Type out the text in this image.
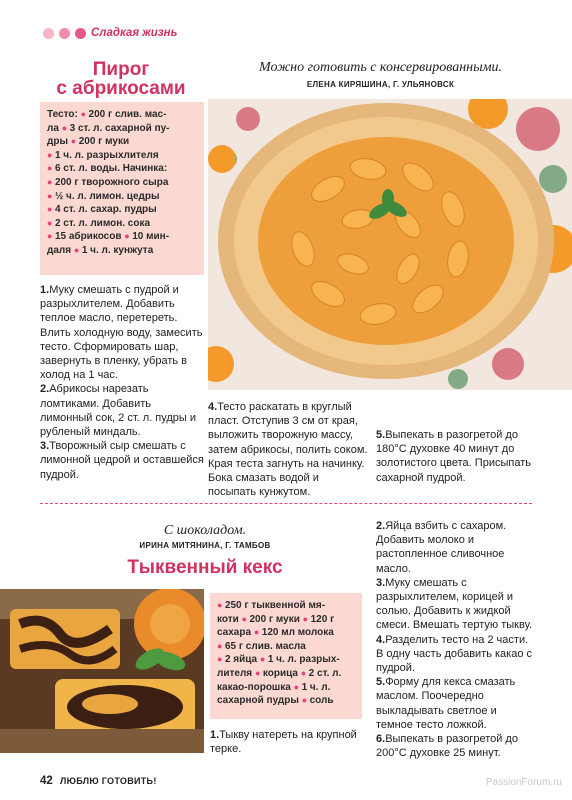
Сладкая жизнь
Пирог
с абрикосами
Можно готовить с консервированными.
ЕЛЕНА КИРЯШИНА, Г. УЛЬЯНОВСК
Тесто: ● 200 г слив. мас-
ла ● 3 ст. л. сахарной пу-
дры ● 200 г муки
● 1 ч. л. разрыхлителя
● 6 ст. л. воды. Начинка:
● 200 г творожного сыра
● ½ ч. л. лимон. цедры
● 4 ст. л. сахар. пудры
● 2 ст. л. лимон. сока
● 15 абрикосов ● 10 мин-
даля ● 1 ч. л. кунжута

1.Муку смешать с пудрой и разрыхлителем. Добавить теплое масло, перетереть. Влить холодную воду, замесить тесто. Сформировать шар, завернуть в пленку, убрать в холод на 1 час.

2.Абрикосы нарезать ломтиками. Добавить лимонный сок, 2 ст. л. пудры и рубленый миндаль.

3.Творожный сыр смешать с лимонной цедрой и оставшейся пудрой.

4.Тесто раскатать в круглый пласт. Отступив 3 см от края, выложить творожную массу, затем абрикосы, полить соком. Края теста загнуть на начинку. Бока смазать водой и посыпать кунжутом.
5.Выпекать в разогретой до 180°С духовке 40 минут до золотистого цвета. Присыпать сахарной пудрой.
С шоколадом.
ИРИНА МИТЯНИНА, Г. ТАМБОВ
Тыквенный кекс
● 250 г тыквенной мя-
коти ● 200 г муки ● 120 г
сахара ● 120 мл молока
● 65 г слив. масла
● 2 яйца ● 1 ч. л. разрых-
лителя ● корица ● 2 ст. л.
какао-порошка ● 1 ч. л.
сахарной пудры ● соль
1.Тыкву натереть на крупной терке.

2.Яйца взбить с сахаром. Добавить молоко и растопленное сливочное масло.

3.Муку смешать с разрыхлителем, корицей и солью. Добавить к жидкой смеси. Вмешать тертую тыкву.

4.Разделить тесто на 2 части. В одну часть добавить какао с пудрой.

5.Форму для кекса смазать маслом. Поочередно выкладывать светлое и темное тесто ложкой.

6.Выпекать в разогретой до 200°С духовке 25 минут.

42 ЛЮБЛЮ ГОТОВИТЬ!	PassionForum.ru
